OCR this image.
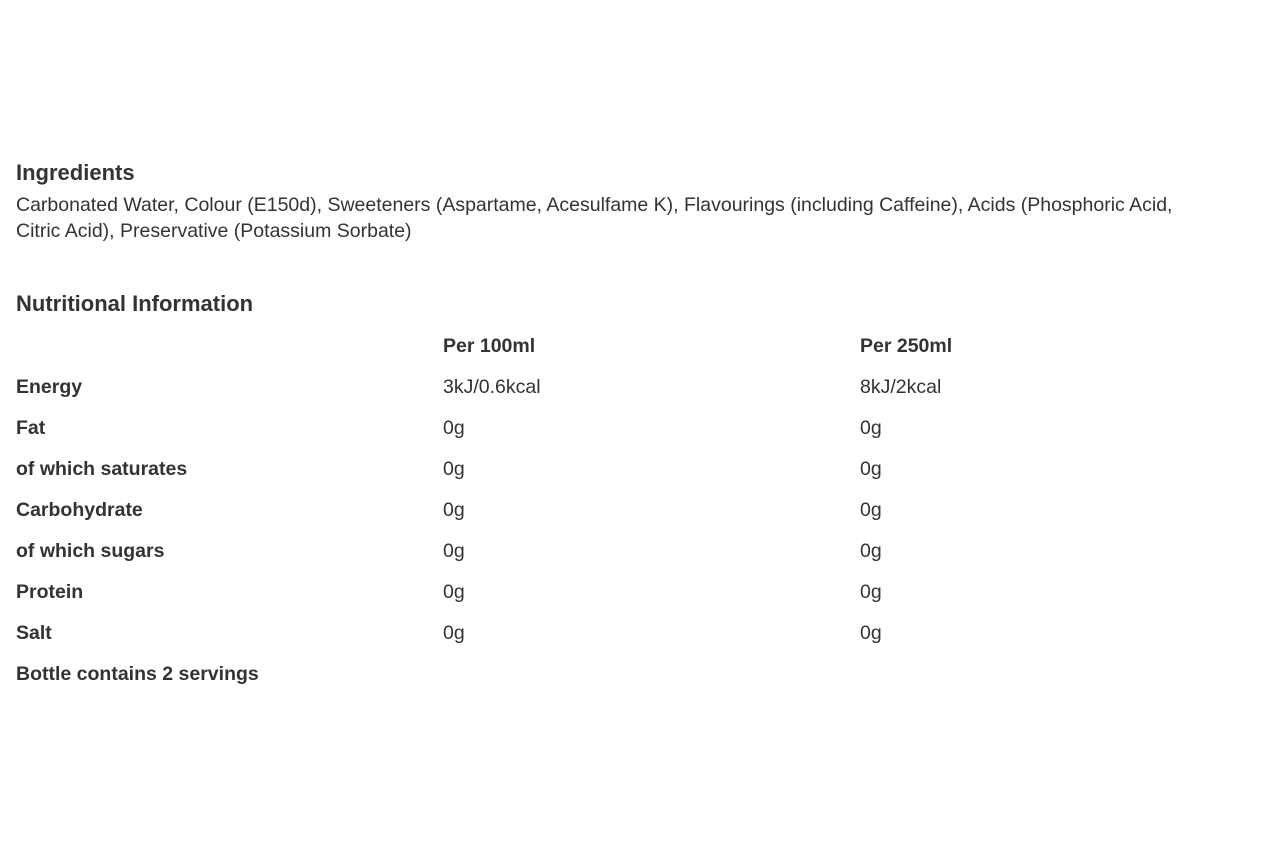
Ingredients

Carbonated Water, Colour (E150d), Sweeteners (Aspartame, Acesulfame K), Flavourings (including Caffeine), Acids (Phosphoric Acid,
Citric Acid), Preservative (Potassium Sorbate)

Nutritional Information
	Per 100ml	Per 250ml
Energy	3kJ/0.6kcal	8kJ/2kcal
Fat	0g	0g
of which saturates	0g	0g
Carbohydrate	0g	0g
of which sugars	0g	0g
Protein	0g	0g
Salt	0g	0g

Bottle contains 2 servings
